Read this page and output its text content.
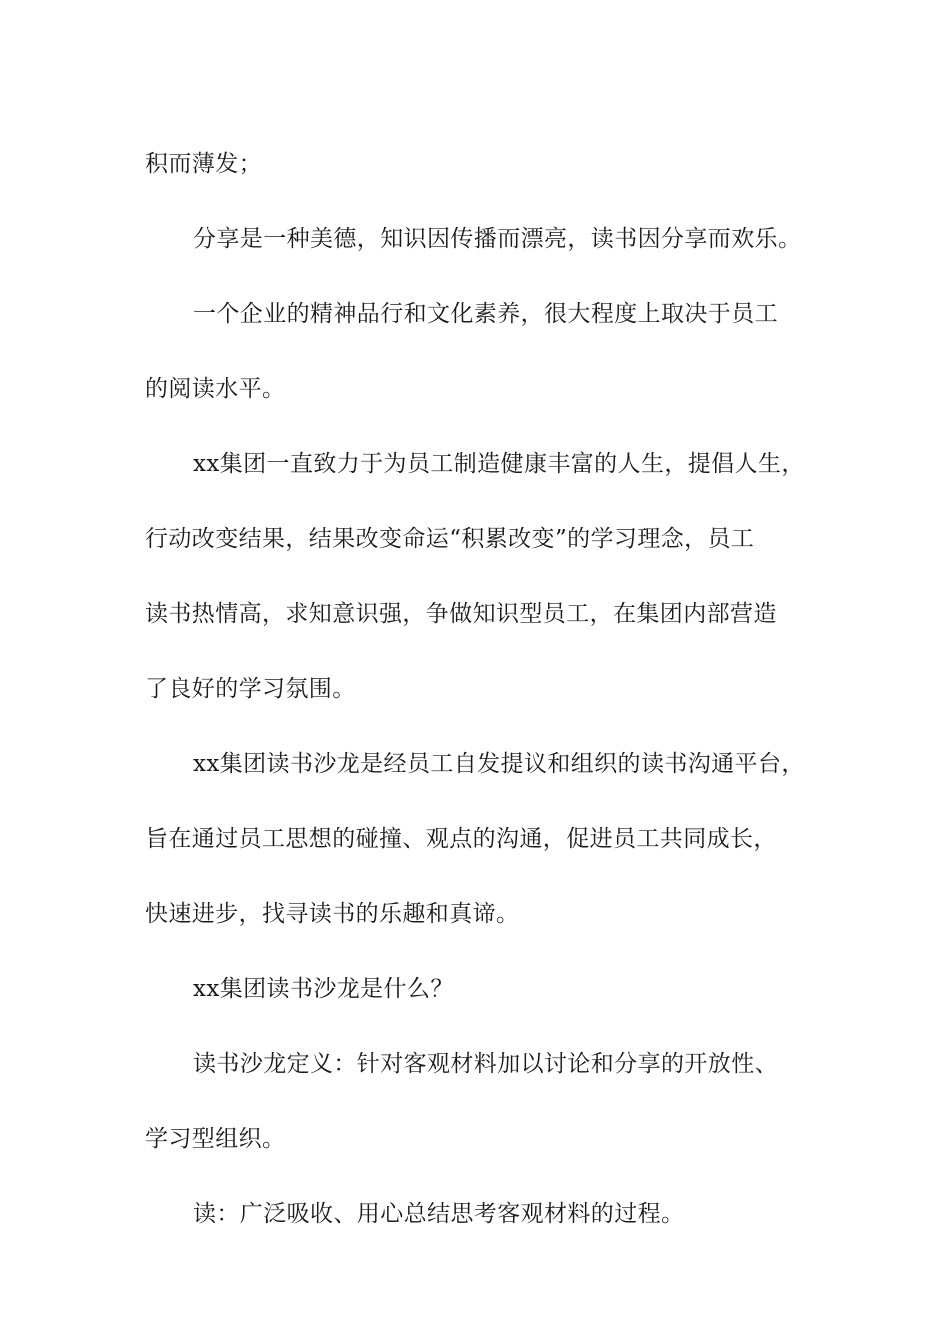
积而薄发；
分享是一种美德，知识因传播而漂亮，读书因分享而欢乐。
一个企业的精神品行和文化素养，很大程度上取决于员工
的阅读水平。
xx集团一直致力于为员工制造健康丰富的人生，提倡人生，
行动改变结果，结果改变命运“积累改变”的学习理念，员工
读书热情高，求知意识强，争做知识型员工，在集团内部营造
了良好的学习氛围。
xx集团读书沙龙是经员工自发提议和组织的读书沟通平台，
旨在通过员工思想的碰撞、观点的沟通，促进员工共同成长，
快速进步，找寻读书的乐趣和真谛。
xx集团读书沙龙是什么？
读书沙龙定义：针对客观材料加以讨论和分享的开放性、
学习型组织。
读：广泛吸收、用心总结思考客观材料的过程。
